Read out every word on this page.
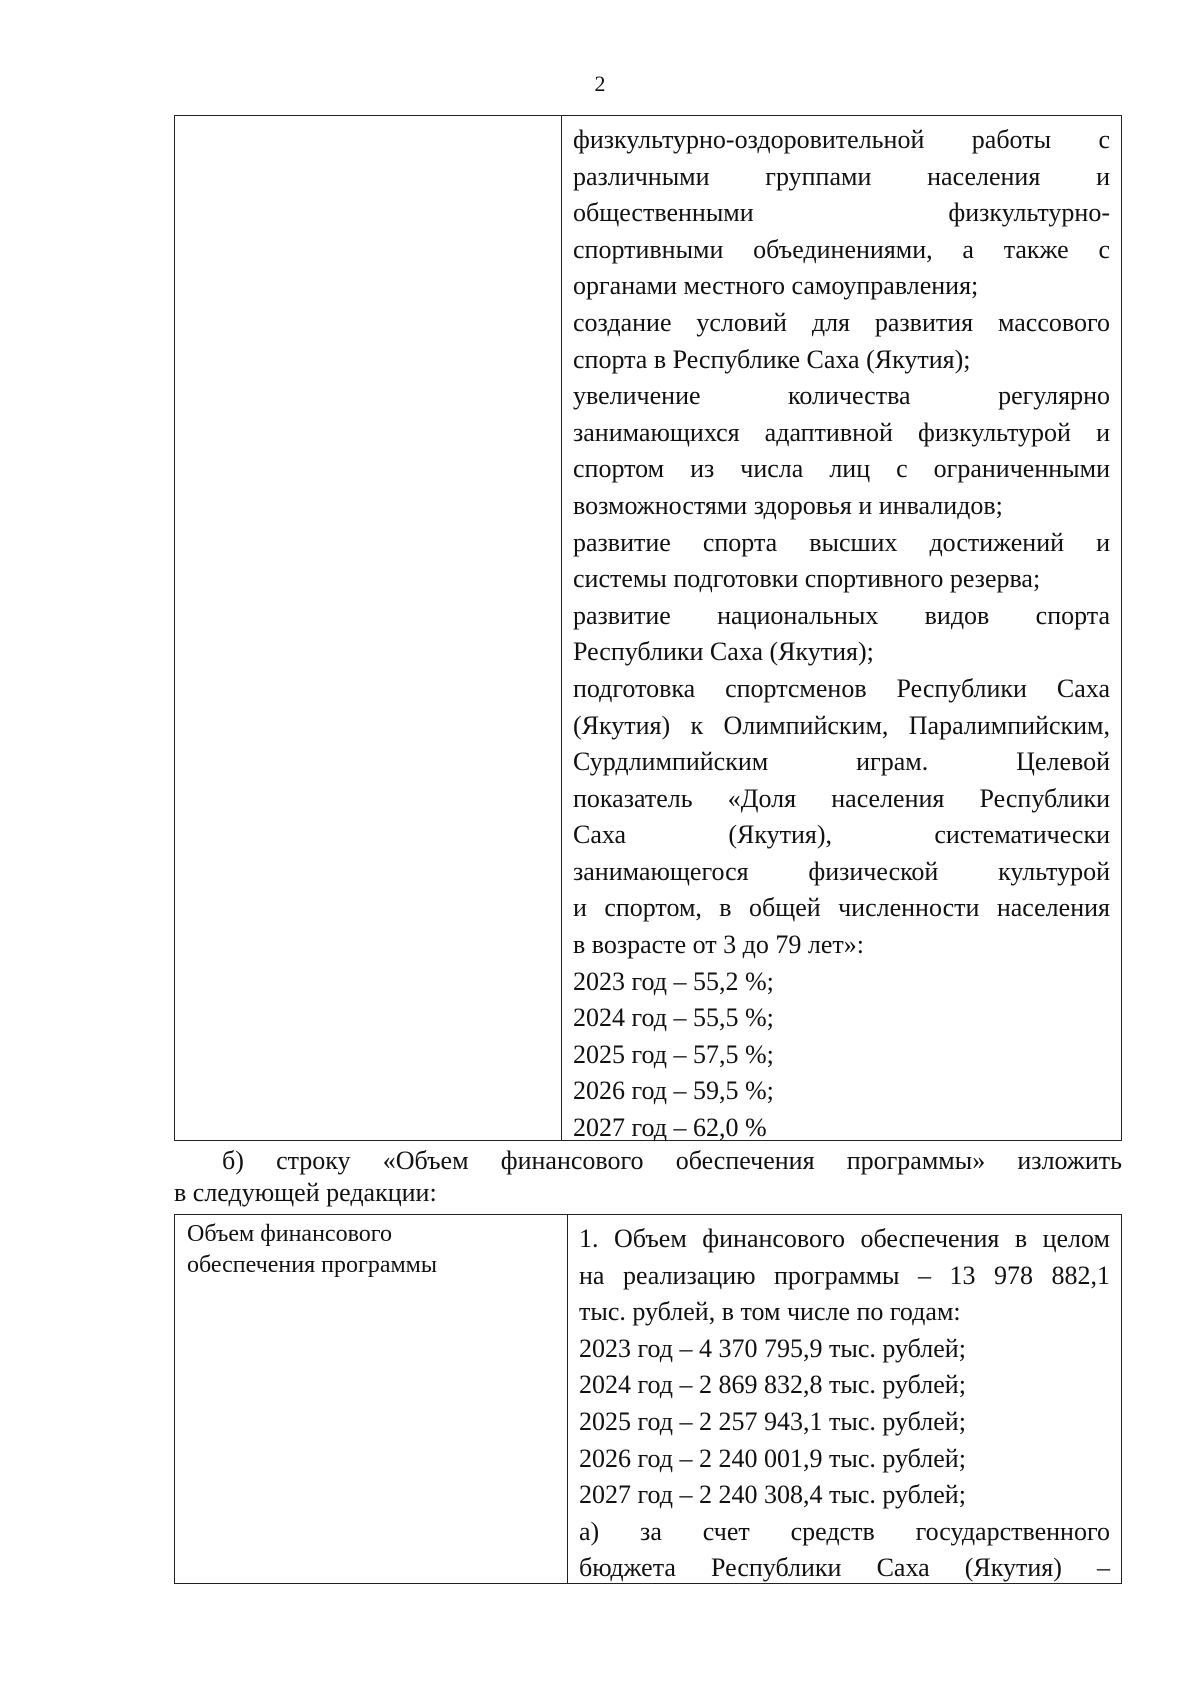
2
физкультурно-оздоровительной работы с
различными группами населения и
общественными физкультурно-
спортивными объединениями, а также с
органами местного самоуправления;
создание условий для развития массового
спорта в Республике Саха (Якутия);
увеличение количества регулярно
занимающихся адаптивной физкультурой и
спортом из числа лиц с ограниченными
возможностями здоровья и инвалидов;
развитие спорта высших достижений и
системы подготовки спортивного резерва;
развитие национальных видов спорта
Республики Саха (Якутия);
подготовка спортсменов Республики Саха
(Якутия) к Олимпийским, Паралимпийским,
Сурдлимпийским играм. Целевой
показатель «Доля населения Республики
Саха (Якутия), систематически
занимающегося физической культурой
и спортом, в общей численности населения
в возрасте от 3 до 79 лет»:
2023 год – 55,2 %;
2024 год – 55,5 %;
2025 год – 57,5 %;
2026 год – 59,5 %;
2027 год – 62,0 %
б) строку «Объем финансового обеспечения программы» изложить
в следующей редакции:
Объем финансового
обеспечения программы
1. Объем финансового обеспечения в целом
на реализацию программы – 13 978 882,1
тыс. рублей, в том числе по годам:
2023 год – 4 370 795,9 тыс. рублей;
2024 год – 2 869 832,8 тыс. рублей;
2025 год – 2 257 943,1 тыс. рублей;
2026 год – 2 240 001,9 тыс. рублей;
2027 год – 2 240 308,4 тыс. рублей;
а) за счет средств государственного
бюджета Республики Саха (Якутия) –
